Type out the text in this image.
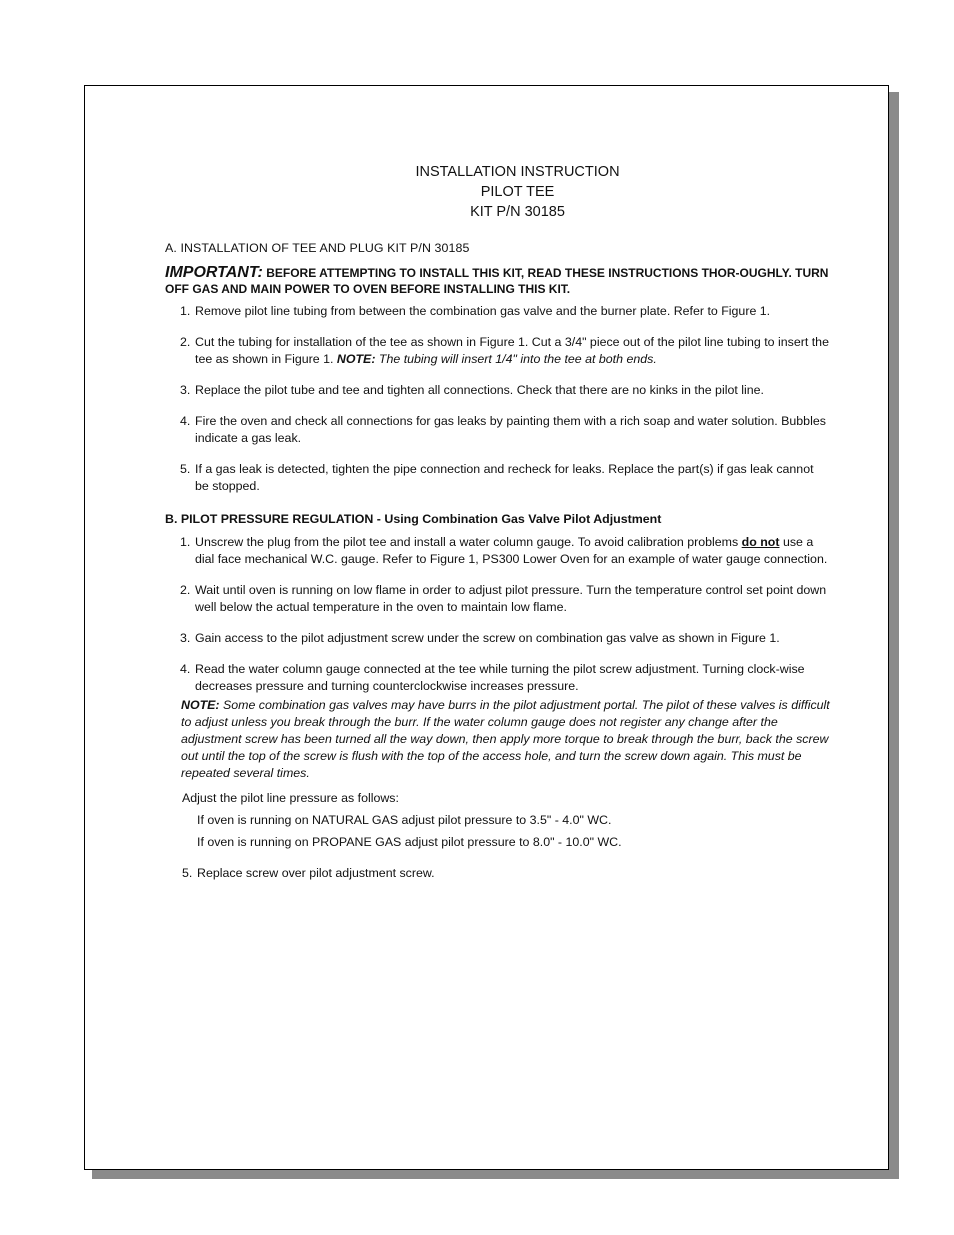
INSTALLATION INSTRUCTION
PILOT TEE
KIT P/N 30185
A. INSTALLATION OF TEE AND PLUG KIT P/N 30185
IMPORTANT: BEFORE ATTEMPTING TO INSTALL THIS KIT, READ THESE INSTRUCTIONS THOR-OUGHLY. TURN OFF GAS AND MAIN POWER TO OVEN BEFORE INSTALLING THIS KIT.
1. Remove pilot line tubing from between the combination gas valve and the burner plate. Refer to Figure 1.
2. Cut the tubing for installation of the tee as shown in Figure 1. Cut a 3/4" piece out of the pilot line tubing to insert the tee as shown in Figure 1. NOTE: The tubing will insert 1/4" into the tee at both ends.
3. Replace the pilot tube and tee and tighten all connections. Check that there are no kinks in the pilot line.
4. Fire the oven and check all connections for gas leaks by painting them with a rich soap and water solution. Bubbles indicate a gas leak.
5. If a gas leak is detected, tighten the pipe connection and recheck for leaks. Replace the part(s) if gas leak cannot be stopped.
B. PILOT PRESSURE REGULATION - Using Combination Gas Valve Pilot Adjustment
1. Unscrew the plug from the pilot tee and install a water column gauge. To avoid calibration problems do not use a dial face mechanical W.C. gauge. Refer to Figure 1, PS300 Lower Oven for an example of water gauge connection.
2. Wait until oven is running on low flame in order to adjust pilot pressure. Turn the temperature control set point down well below the actual temperature in the oven to maintain low flame.
3. Gain access to the pilot adjustment screw under the screw on combination gas valve as shown in Figure 1.
4. Read the water column gauge connected at the tee while turning the pilot screw adjustment. Turning clock-wise decreases pressure and turning counterclockwise increases pressure.
NOTE: Some combination gas valves may have burrs in the pilot adjustment portal. The pilot of these valves is difficult to adjust unless you break through the burr. If the water column gauge does not register any change after the adjustment screw has been turned all the way down, then apply more torque to break through the burr, back the screw out until the top of the screw is flush with the top of the access hole, and turn the screw down again. This must be repeated several times.
Adjust the pilot line pressure as follows:
If oven is running on NATURAL GAS adjust pilot pressure to 3.5" - 4.0" WC.
If oven is running on PROPANE GAS adjust pilot pressure to 8.0" - 10.0" WC.
5. Replace screw over pilot adjustment screw.
